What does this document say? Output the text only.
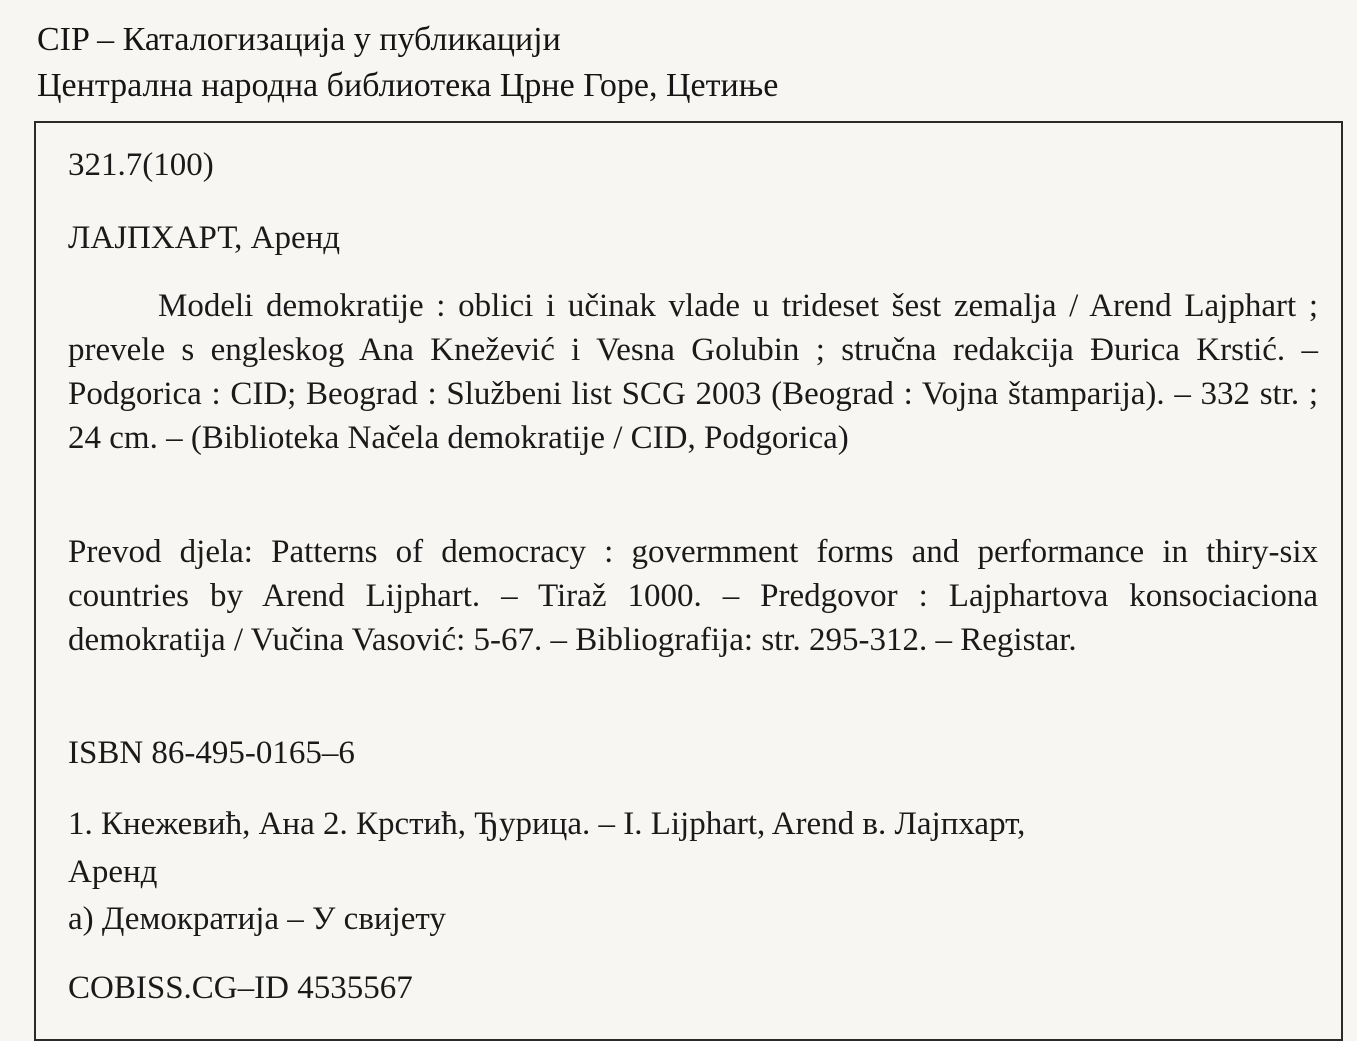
CIP – Каталогизација у публикацији
Централна народна библиотека Црне Горе, Цетиње
321.7(100)
ЛАЈПХАРТ, Аренд
Modeli demokratije : oblici i učinak vlade u trideset šest zemalja / Arend Lajphart ; prevele s engleskog Ana Knežević i Vesna Golubin ; stručna redakcija Đurica Krstić. – Podgorica : CID; Beograd : Službeni list SCG 2003 (Beograd : Vojna štamparija). – 332 str. ; 24 cm. – (Biblioteka Načela demokratije / CID, Podgorica)
Prevod djela: Patterns of democracy : govermment forms and performance in thiry-six countries by Arend Lijphart. – Tiraž 1000. – Predgovor : Lajphartova konsociaciona demokratija / Vučina Vasović: 5-67. – Bibliografija: str. 295-312. – Registar.
ISBN 86-495-0165–6
1. Кнежевић, Ана 2. Крстић, Ђурица. – I. Lijphart, Arend в. Лајпхарт,
Аренд
а) Демократија – У свијету
COBISS.CG–ID 4535567
